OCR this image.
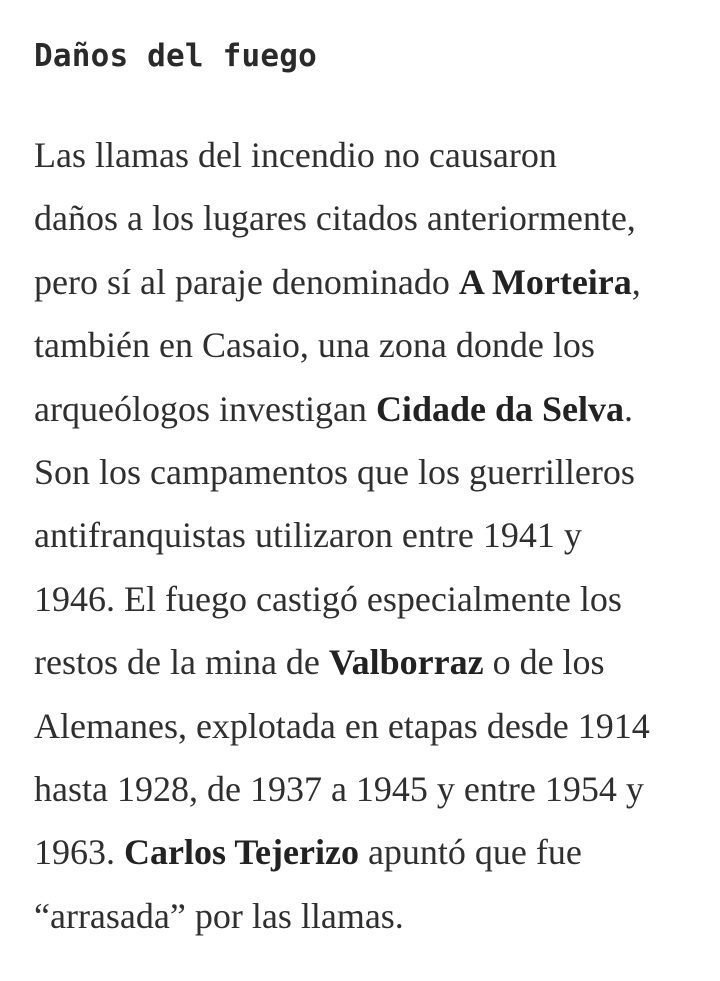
Daños del fuego

Las llamas del incendio no causaron
daños a los lugares citados anteriormente,
pero sí al paraje denominado A Morteira,
también en Casaio, una zona donde los
arqueólogos investigan Cidade da Selva.
Son los campamentos que los guerrilleros
antifranquistas utilizaron entre 1941 y
1946. El fuego castigó especialmente los
restos de la mina de Valborraz o de los
Alemanes, explotada en etapas desde 1914
hasta 1928, de 1937 a 1945 y entre 1954 y
1963. Carlos Tejerizo apuntó que fue
“arrasada” por las llamas.
